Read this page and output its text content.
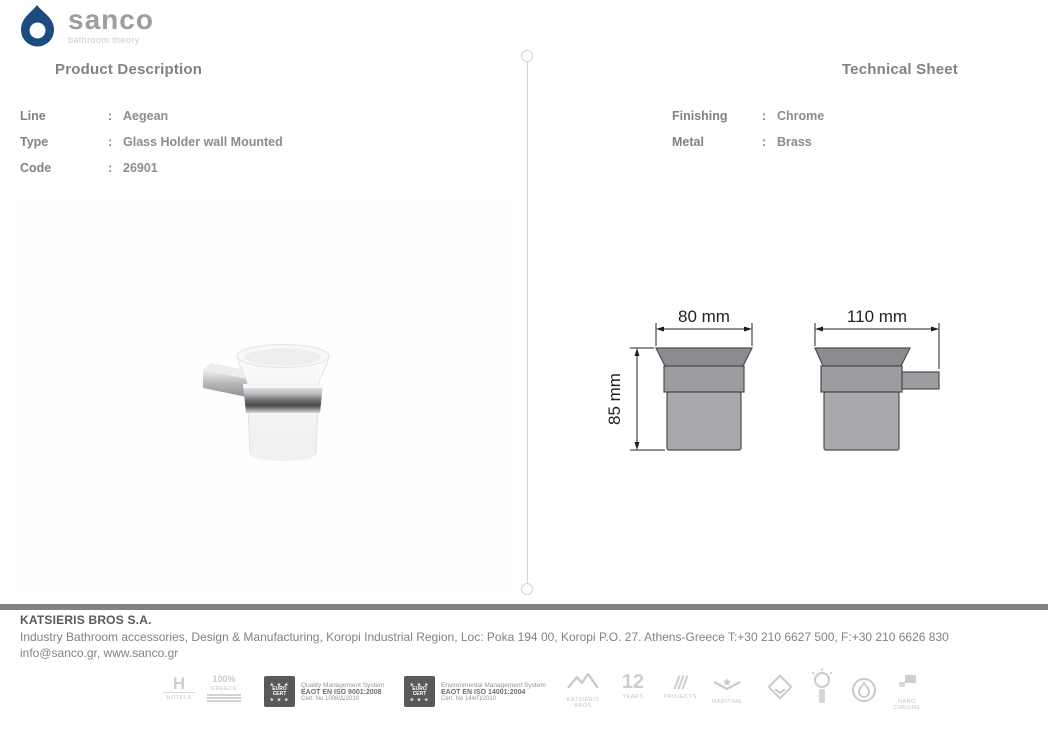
sanco
bathroom theory
Product Description	Technical Sheet
Line	: Aegean
Type	: Glass Holder wall Mounted
Code	: 26901
Finishing	: Chrome
Metal	: Brass
80 mm
85 mm
110 mm
KATSIERIS BROS S.A.
Industry Bathroom accessories, Design & Manufacturing, Koropi Industrial Region, Loc: Poka 194 00, Koropi P.O. 27. Athens-Greece T:+30 210 6627 500, F:+30 210 6626 830
info@sanco.gr, www.sanco.gr
H
HOTELS
100%
GREECE
★ ★ ★
EURO
CERT
★ ★ ★
Quality Management System
EAOT EN ISO 9001:2008
Cert. No 1008/Δ/2010
★ ★ ★
EURO
CERT
★ ★ ★
Environmental Management System
EAOT EN ISO 14001:2004
Cert. No 144/Π/2010	KATSIERIS BROS
12
YEARS
///
PROJECTS
MARITIME	NANO CHROME
